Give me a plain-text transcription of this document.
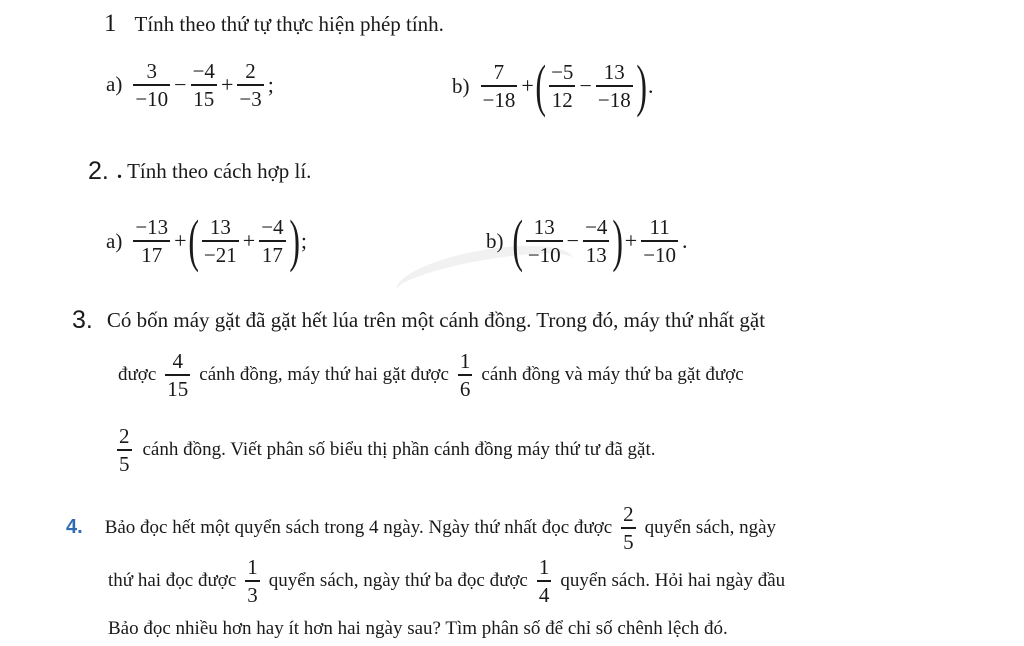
1 Tính theo thứ tự thực hiện phép tính.
$a) \frac{3}{-10} - \frac{-4}{15} + \frac{2}{-3}$ ;	$b) \frac{7}{-18}$ + ( $\frac{-5}{12} - \frac{13}{-18}$ ) .
2. . Tính theo cách hợp lí.
$a) \frac{-13}{17}$ + ( $\frac{13}{-21} + \frac{-4}{17}$ ) ;	b) ( $\frac{13}{-10} - \frac{-4}{13}$ ) + $\frac{11}{-10}$ .
3. Có bốn máy gặt đã gặt hết lúa trên một cánh đồng. Trong đó, máy thứ nhất gặt
được $\frac{4}{15}$ cánh đồng, máy thứ hai gặt được $\frac{1}{6}$ cánh đồng và máy thứ ba gặt được
$\frac{2}{5}$ cánh đồng. Viết phân số biểu thị phần cánh đồng máy thứ tư đã gặt.
4. Bảo đọc hết một quyển sách trong 4 ngày. Ngày thứ nhất đọc được $\frac{2}{5}$ quyển sách, ngày
thứ hai đọc được $\frac{1}{3}$ quyển sách, ngày thứ ba đọc được $\frac{1}{4}$ quyển sách. Hỏi hai ngày đầu
Bảo đọc nhiều hơn hay ít hơn hai ngày sau? Tìm phân số để chỉ số chênh lệch đó.
